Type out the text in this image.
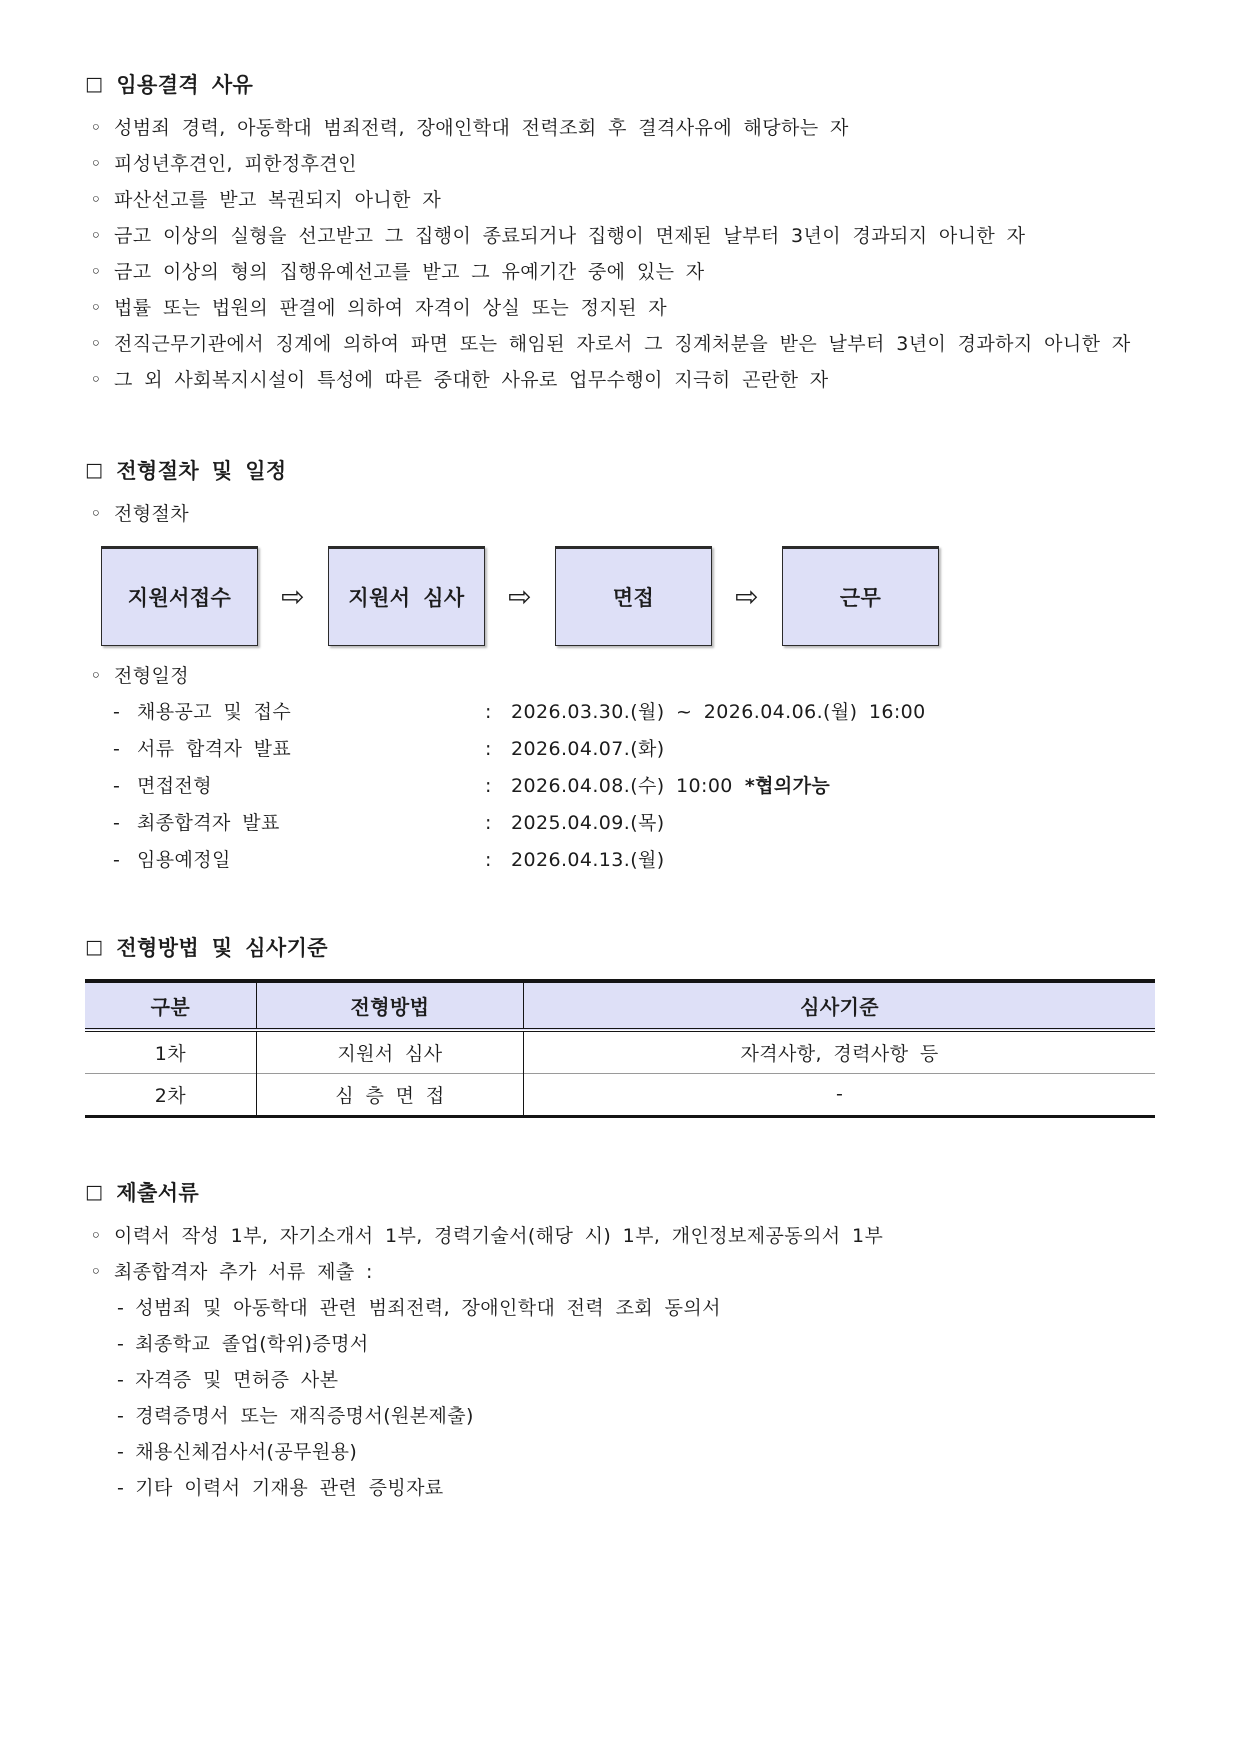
□ 임용결격 사유
◦ 성범죄 경력, 아동학대 범죄전력, 장애인학대 전력조회 후 결격사유에 해당하는 자
◦ 피성년후견인, 피한정후견인
◦ 파산선고를 받고 복권되지 아니한 자
◦ 금고 이상의 실형을 선고받고 그 집행이 종료되거나 집행이 면제된 날부터 3년이 경과되지 아니한 자
◦ 금고 이상의 형의 집행유예선고를 받고 그 유예기간 중에 있는 자
◦ 법률 또는 법원의 판결에 의하여 자격이 상실 또는 정지된 자
◦ 전직근무기관에서 징계에 의하여 파면 또는 해임된 자로서 그 징계처분을 받은 날부터 3년이 경과하지 아니한 자
◦ 그 외 사회복지시설이 특성에 따른 중대한 사유로 업무수행이 지극히 곤란한 자
□ 전형절차 및 일정
◦ 전형절차
지원서접수	⇨	지원서 심사	⇨	면접	⇨	근무
◦ 전형일정
- 채용공고 및 접수	:	2026.03.30.(월) ~ 2026.04.06.(월) 16:00
- 서류 합격자 발표	:	2026.04.07.(화)
- 면접전형	:	2026.04.08.(수) 10:00 *협의가능
- 최종합격자 발표	:	2025.04.09.(목)
- 임용예정일	:	2026.04.13.(월)
□ 전형방법 및 심사기준
구분	전형방법	심사기준
1차	지원서 심사	자격사항, 경력사항 등
2차	심 층 면 접	-
□ 제출서류
◦ 이력서 작성 1부, 자기소개서 1부, 경력기술서(해당 시) 1부, 개인정보제공동의서 1부
◦ 최종합격자 추가 서류 제출 :
- 성범죄 및 아동학대 관련 범죄전력, 장애인학대 전력 조회 동의서
- 최종학교 졸업(학위)증명서
- 자격증 및 면허증 사본
- 경력증명서 또는 재직증명서(원본제출)
- 채용신체검사서(공무원용)
- 기타 이력서 기재용 관련 증빙자료
